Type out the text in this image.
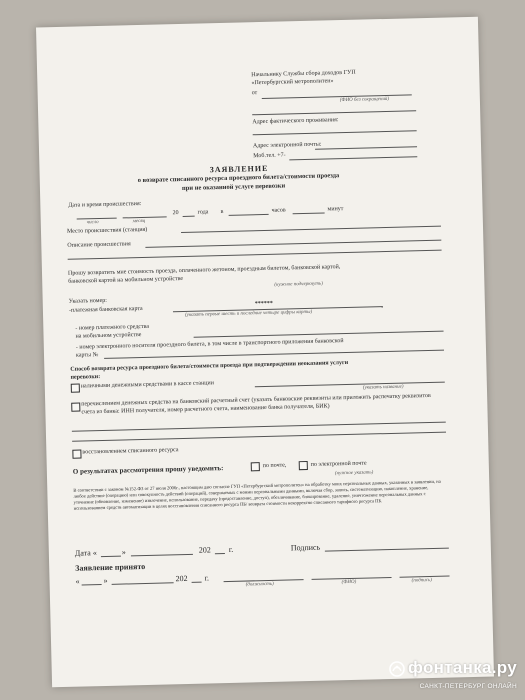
Начальнику Службы сбора доходов ГУП
«Петербургский метрополитен»
от
(ФИО без сокращений)
Адрес фактического проживания:
Адрес электронной почты:
Моб.тел. +7-
ЗАЯВЛЕНИЕ
о возврате списанного ресурса проездного билета/стоимости проезда
при не оказанной услуге перевозки
Дата и время происшествия:
20	года в	часов	минут
число	месяц
Место происшествия (станция)
Описание происшествия
Прошу возвратить мне стоимость проезда, оплаченного жетоном, проездным билетом, банковской картой,
банковской картой на мобильном устройстве	(нужное подчеркнуть)
Указать номер:
-платежная банковская карта
******
(указать первые шесть и последние четыре цифры карты)
- номер платежного средства
на мобильном устройстве
- номер электронного носителя проездного билета, в том числе в транспортного приложения банковской
карты №
Способ возврата ресурса проездного билета/стоимости проезда при подтверждении неоказания услуги
перевозки:
наличными денежными средствами в кассе станции	(указать название)
перечислением денежных средства на банковский расчетный счет (указать банковские реквизиты или приложить распечатку реквизитов счета из банка: ИНН получателя, номер расчетного счета, наименование банка получателя, БИК)
восстановлением списанного ресурса
О результатах рассмотрения прошу уведомить:	по почте,	по электронной почте
(нужное указать)
В соответствии с законом №152-ФЗ от 27 июля 2006г., настоящим даю согласие ГУП «Петербургский метрополитен» на обработку моих персональных данных, указанных в заявлении, на любое действие (операцию) или совокупность действий (операций), совершаемых с моими персональными данными, включая сбор, запись, систематизацию, накопление, хранение, уточнение (обновление, изменение) извлечение, использование, передачу (предоставление, доступ), обезличивание, блокирование, удаление, уничтожение персональных данных с использованием средств автоматизации в целях восстановления списанного ресурса ПБ/ возврата стоимости некорректно списанного тарифного ресурса ПБ.
Дата «	»	202 г.	Подпись
Заявление принято
«	»	202 г.
(должность)	(ФИО)	(подпись)
фонтанка.ру
САНКТ-ПЕТЕРБУРГ ОНЛАЙН
